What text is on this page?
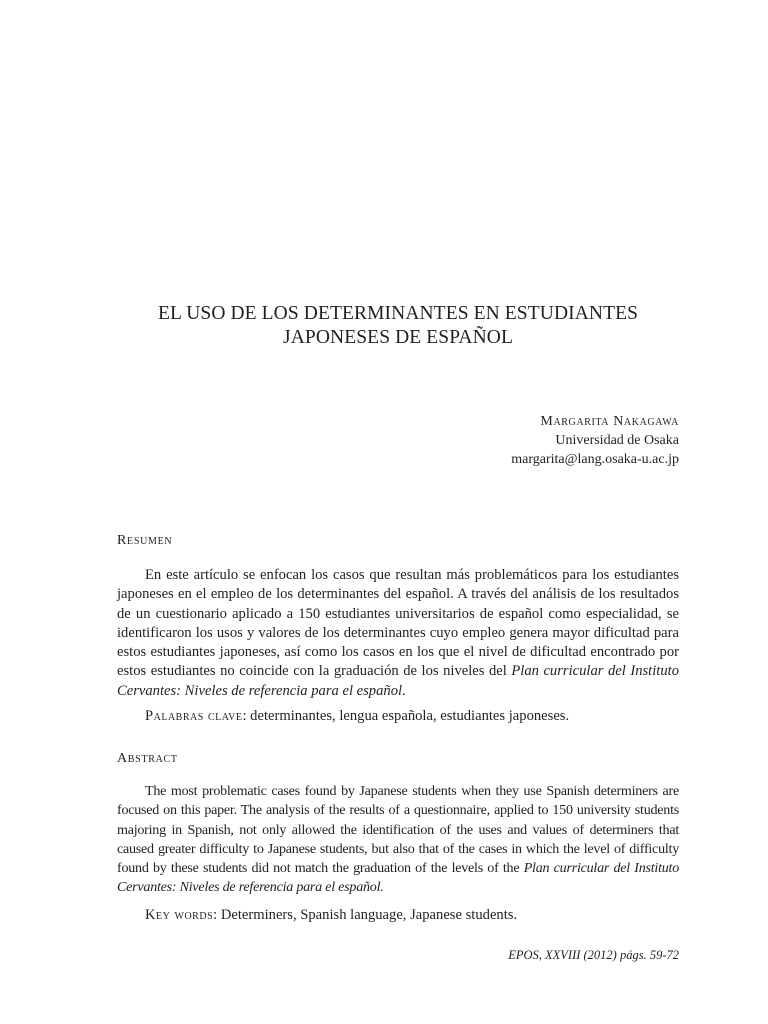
EL USO DE LOS DETERMINANTES EN ESTUDIANTES
JAPONESES DE ESPAÑOL
Margarita Nakagawa
Universidad de Osaka
margarita@lang.osaka-u.ac.jp
Resumen
En este artículo se enfocan los casos que resultan más problemáticos para los estudiantes japoneses en el empleo de los determinantes del español. A través del análisis de los resultados de un cuestionario aplicado a 150 estudiantes universitarios de español como especialidad, se identificaron los usos y valores de los determinantes cuyo empleo genera mayor dificultad para estos estudiantes japoneses, así como los casos en los que el nivel de dificultad encontrado por estos estudiantes no coincide con la graduación de los niveles del Plan curricular del Instituto Cervantes: Niveles de referencia para el español.
Palabras clave: determinantes, lengua española, estudiantes japoneses.
Abstract
The most problematic cases found by Japanese students when they use Spanish determiners are focused on this paper. The analysis of the results of a questionnaire, applied to 150 university students majoring in Spanish, not only allowed the identification of the uses and values of determiners that caused greater difficulty to Japanese students, but also that of the cases in which the level of difficulty found by these students did not match the graduation of the levels of the Plan curricular del Instituto Cervantes: Niveles de referencia para el español.
Key words: Determiners, Spanish language, Japanese students.
EPOS, XXVIII (2012) págs. 59-72
